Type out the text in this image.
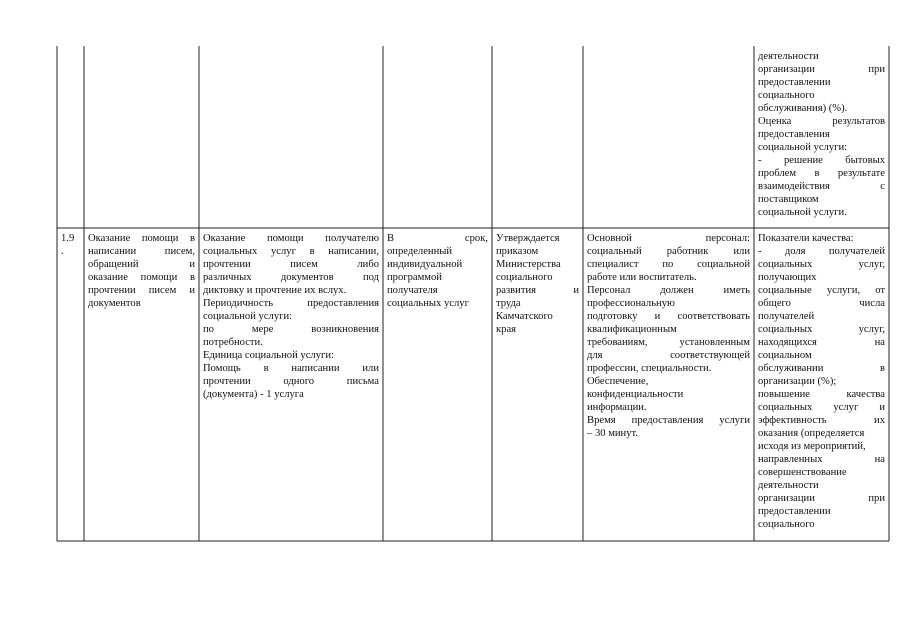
деятельности

организации при

предоставлении

социального

обслуживания) (%).

Оценка результатов

предоставления

социальной услуги:

- решение бытовых

проблем в результате

взаимодействия с

поставщиком

социальной услуги.

1.9
.

Оказание помощи в

написании писем,

обращений и

оказание помощи в

прочтении писем и

документов

Оказание помощи получателю

социальных услуг в написании,

прочтении писем либо

различных документов под

диктовку и прочтение их вслух.

Периодичность предоставления

социальной услуги:

по мере возникновения

потребности.

Единица социальной услуги:

Помощь в написании или

прочтении одного письма

(документа) - 1 услуга

В срок,

определенный

индивидуальной

программой

получателя

социальных услуг

Утверждается

приказом

Министерства

социального

развития и

труда

Камчатского

края

Основной персонал:

социальный работник или

специалист по социальной

работе или воспитатель.

Персонал должен иметь

профессиональную

подготовку и соответствовать

квалификационным

требованиям, установленным

для соответствующей

профессии, специальности.

Обеспечение,

конфиденциальности

информации.

Время предоставления услуги

– 30 минут.

Показатели качества:

- доля получателей

социальных услуг,

получающих

социальные услуги, от

общего числа

получателей

социальных услуг,

находящихся на

социальном

обслуживании в

организации (%);

повышение качества

социальных услуг и

эффективность их

оказания (определяется

исходя из мероприятий,

направленных на

совершенствование

деятельности

организации при

предоставлении

социального
